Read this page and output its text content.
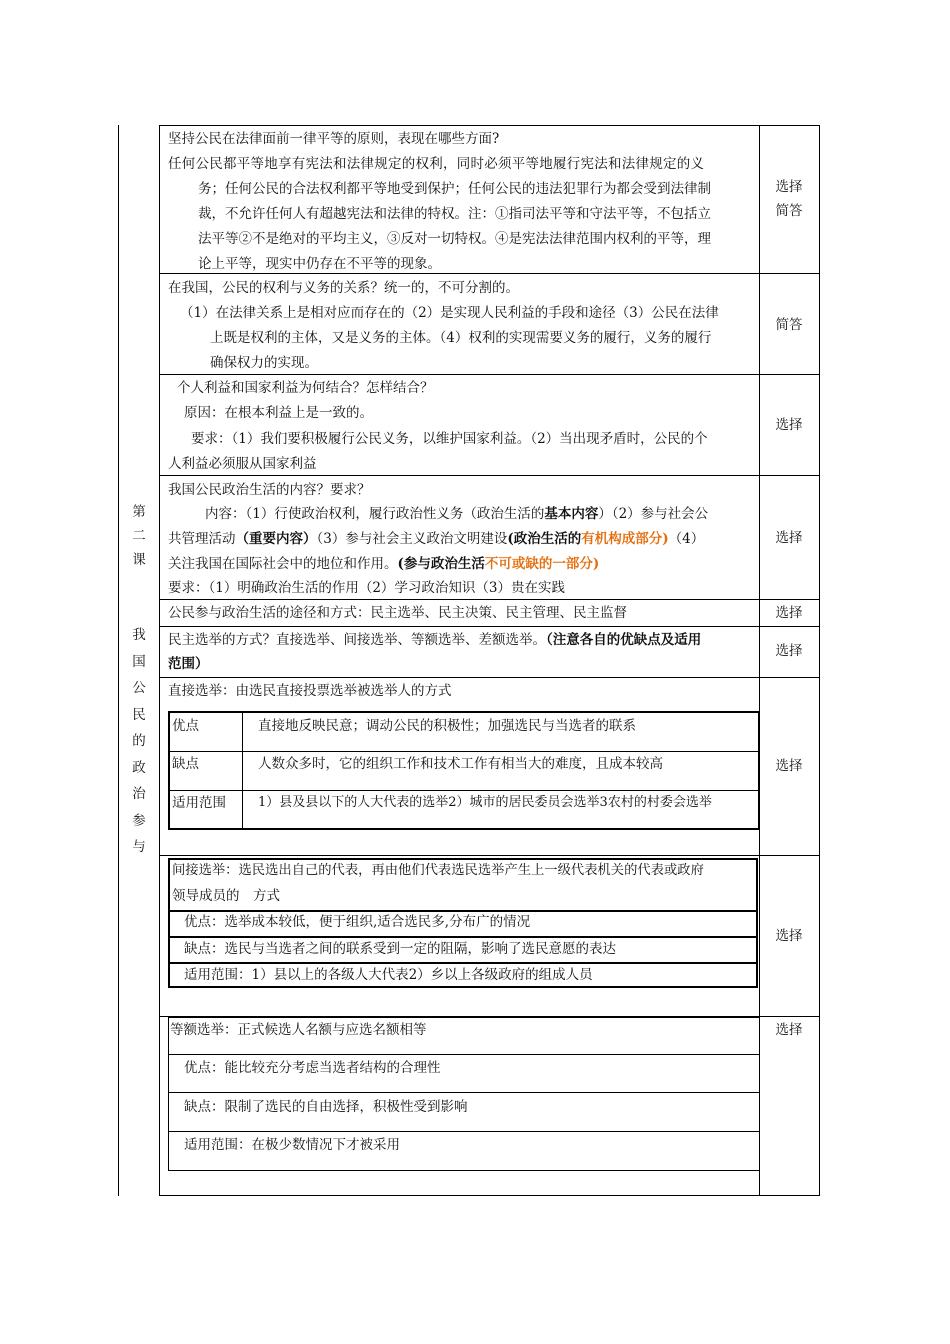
第
二
课
我
国
公
民
的
政
治
参
与
坚持公民在法律面前一律平等的原则，表现在哪些方面?
任何公民都平等地享有宪法和法律规定的权利，同时必须平等地履行宪法和法律规定的义
务；任何公民的合法权利都平等地受到保护；任何公民的违法犯罪行为都会受到法律制
裁，不允许任何人有超越宪法和法律的特权。注：①指司法平等和守法平等，不包括立
法平等②不是绝对的平均主义，③反对一切特权。④是宪法法律范围内权利的平等，理
论上平等，现实中仍存在不平等的现象。
选择
简答
在我国，公民的权利与义务的关系？统一的，不可分割的。
（1）在法律关系上是相对应而存在的（2）是实现人民利益的手段和途径（3）公民在法律
上既是权利的主体，又是义务的主体。（4）权利的实现需要义务的履行，义务的履行
确保权力的实现。
简答
个人利益和国家利益为何结合？怎样结合？
原因：在根本利益上是一致的。
要求：（1）我们要积极履行公民义务，以维护国家利益。（2）当出现矛盾时，公民的个
人利益必须服从国家利益
选择
我国公民政治生活的内容？要求？
内容：（1）行使政治权利，履行政治性义务（政治生活的基本内容）（2）参与社会公
共管理活动（重要内容）（3）参与社会主义政治文明建设(政治生活的有机构成部分)（4）
关注我国在国际社会中的地位和作用。(参与政治生活不可或缺的一部分)
要求：（1）明确政治生活的作用（2）学习政治知识（3）贵在实践
选择
公民参与政治生活的途径和方式：民主选举、民主决策、民主管理、民主监督	选择
民主选举的方式？直接选举、间接选举、等额选举、差额选举。（注意各自的优缺点及适用
范围）
选择
直接选举：由选民直接投票选举被选举人的方式
优点	直接地反映民意；调动公民的积极性；加强选民与当选者的联系
缺点	人数众多时，它的组织工作和技术工作有相当大的难度，且成本较高
适用范围 1）县及县以下的人大代表的选举2）城市的居民委员会选举3农村的村委会选举
选择
间接选举：选民选出自己的代表，再由他们代表选民选举产生上一级代表机关的代表或政府
领导成员的　方式
优点：选举成本较低，便于组织,适合选民多,分布广的情况
缺点：选民与当选者之间的联系受到一定的阻隔，影响了选民意愿的表达
适用范围：1）县以上的各级人大代表2）乡以上各级政府的组成人员
选择
等额选举：正式候选人名额与应选名额相等
优点：能比较充分考虑当选者结构的合理性
缺点：限制了选民的自由选择，积极性受到影响
适用范围：在极少数情况下才被采用
选择
